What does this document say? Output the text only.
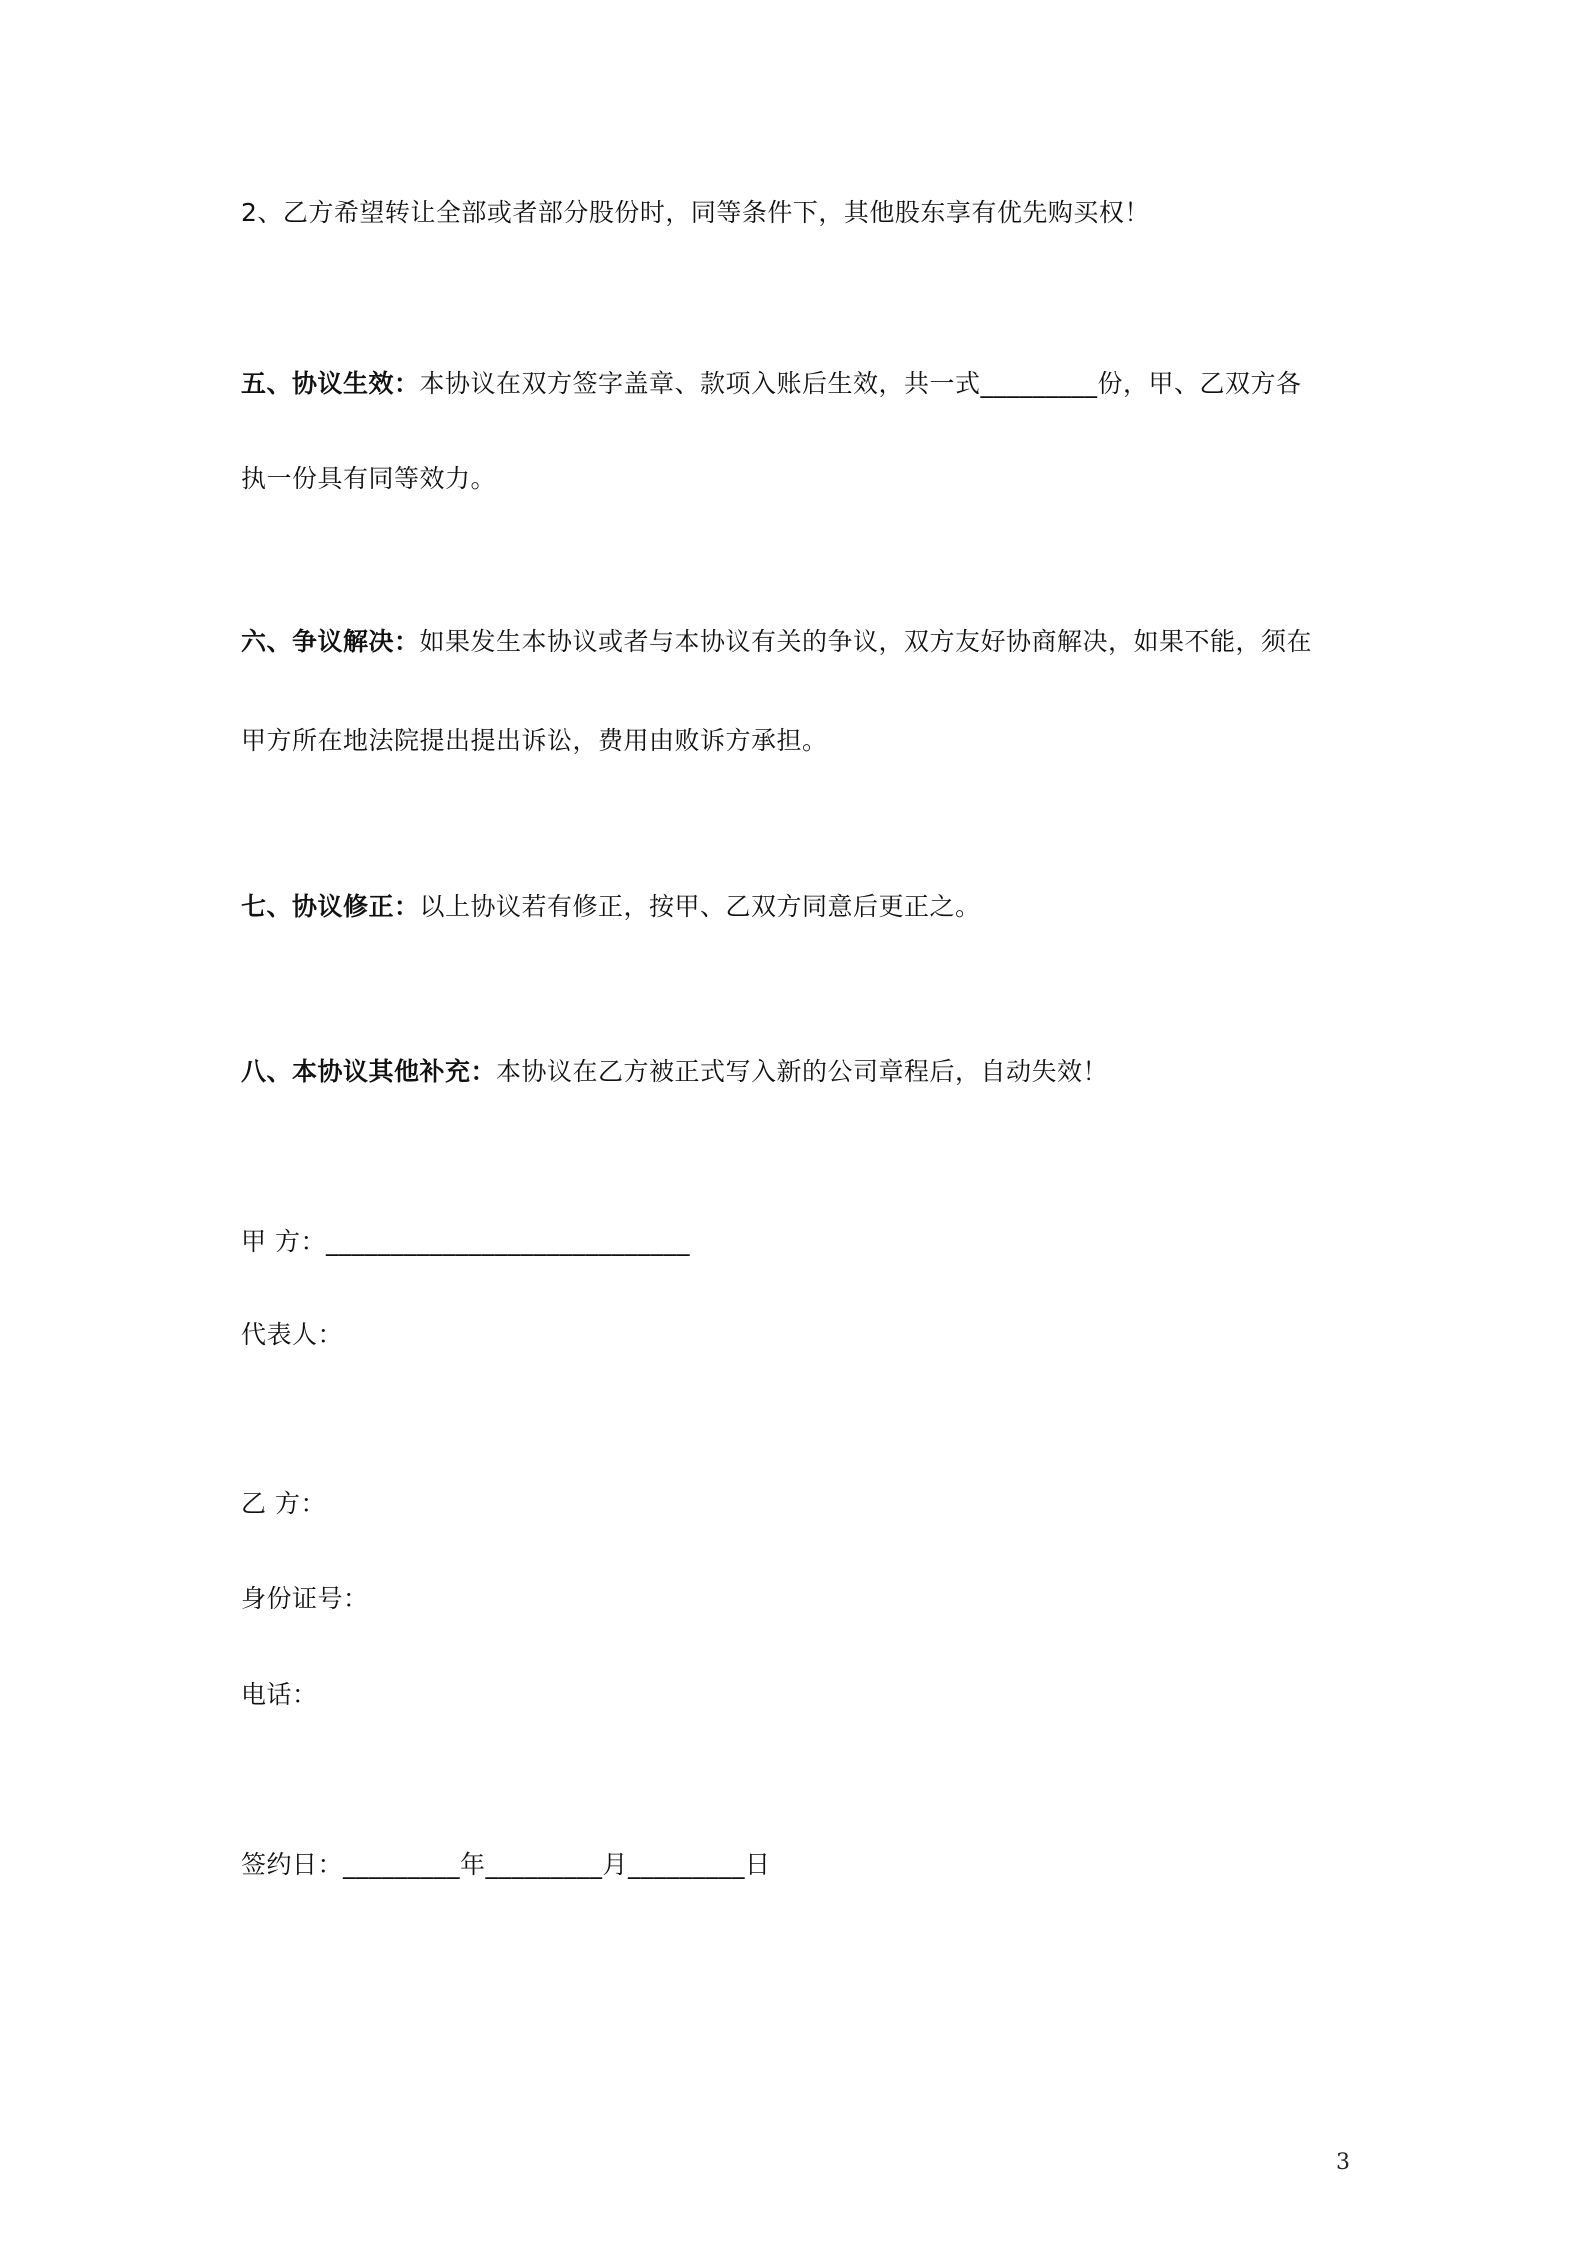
2、乙方希望转让全部或者部分股份时，同等条件下，其他股东享有优先购买权！
五、协议生效：本协议在双方签字盖章、款项入账后生效，共一式_________份，甲、乙双方各
执一份具有同等效力。
六、争议解决：如果发生本协议或者与本协议有关的争议，双方友好协商解决，如果不能，须在
甲方所在地法院提出提出诉讼，费用由败诉方承担。
七、协议修正：以上协议若有修正，按甲、乙双方同意后更正之。
八、本协议其他补充：本协议在乙方被正式写入新的公司章程后，自动失效！
甲 方：____________________________
代表人：
乙 方：
身份证号：
电话：
签约日：_________年_________月_________日
3
